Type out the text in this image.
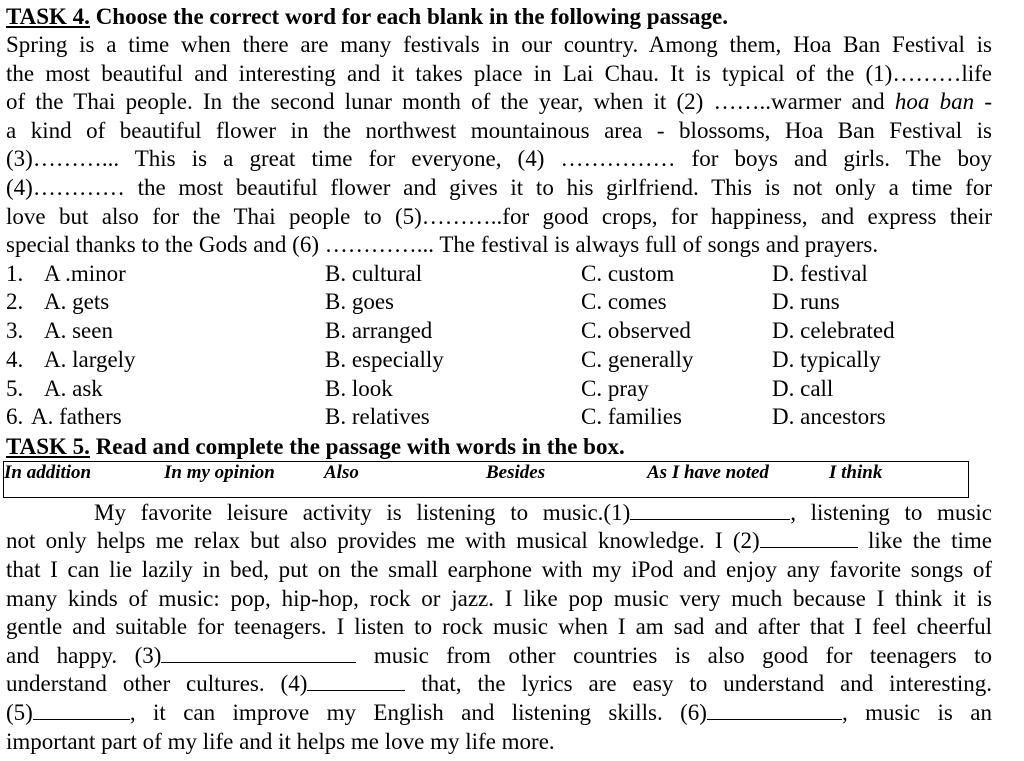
TASK 4. Choose the correct word for each blank in the following passage.
Spring is a time when there are many festivals in our country. Among them, Hoa Ban Festival is
the most beautiful and interesting and it takes place in Lai Chau. It is typical of the (1)………life
of the Thai people. In the second lunar month of the year, when it (2) ……..warmer and hoa ban -
a kind of beautiful flower in the northwest mountainous area - blossoms, Hoa Ban Festival is
(3)………... This is a great time for everyone, (4) …………… for boys and girls. The boy
(4)………… the most beautiful flower and gives it to his girlfriend. This is not only a time for
love but also for the Thai people to (5)………..for good crops, for happiness, and express their
special thanks to the Gods and (6) …………... The festival is always full of songs and prayers.
1. A .minor	B. cultural	C. custom	D. festival
2. A. gets	B. goes	C. comes	D. runs
3. A. seen	B. arranged	C. observed	D. celebrated
4. A. largely	B. especially	C. generally	D. typically
5. A. ask	B. look	C. pray	D. call
6. A. fathers	B. relatives	C. families	D. ancestors
TASK 5. Read and complete the passage with words in the box.
In addition	In my opinion	Also	Besides	As I have noted	I think
My favorite leisure activity is listening to music.(1)	, listening to music
not only helps me relax but also provides me with musical knowledge. I (2)	like the time
that I can lie lazily in bed, put on the small earphone with my iPod and enjoy any favorite songs of
many kinds of music: pop, hip-hop, rock or jazz. I like pop music very much because I think it is
gentle and suitable for teenagers. I listen to rock music when I am sad and after that I feel cheerful
and happy. (3)	music from other countries is also good for teenagers to
understand other cultures. (4)	that, the lyrics are easy to understand and interesting.
(5)	, it can improve my English and listening skills. (6)	, music is an
important part of my life and it helps me love my life more.
